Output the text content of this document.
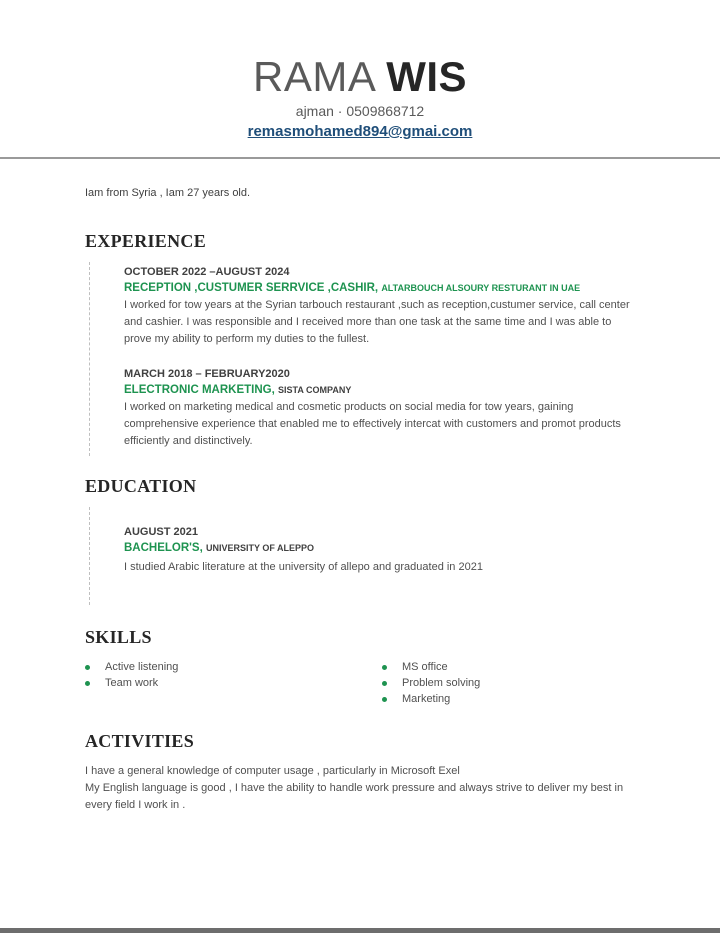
RAMA WIS
ajman · 0509868712
remasmohamed894@gmai.com
Iam from Syria , Iam 27 years old.
EXPERIENCE
OCTOBER 2022 –AUGUST 2024
RECEPTION ,CUSTUMER SERRVICE ,CASHIR, ALTARBOUCH ALSOURY RESTURANT IN UAE
I worked for tow years at the Syrian tarbouch restaurant ,such as reception,custumer service, call center and cashier. I was responsible and I received more than one task at the same time and I was able to prove my ability to perform my duties to the fullest.
MARCH 2018 – FEBRUARY2020
ELECTRONIC MARKETING, SISTA COMPANY
I worked on marketing medical and cosmetic products on social media for tow years, gaining comprehensive experience that enabled me to effectively intercat with customers and promot products efficiently and distinctively.
EDUCATION
AUGUST 2021
BACHELOR'S, UNIVERSITY OF ALEPPO
I studied Arabic literature at the university of allepo and graduated in 2021
SKILLS
Active listening
Team work
MS office
Problem solving
Marketing
ACTIVITIES
I have a general knowledge of computer usage , particularly in Microsoft Exel
My English language is good , I have the ability to handle work pressure and always strive to deliver my best in every field I work in .
